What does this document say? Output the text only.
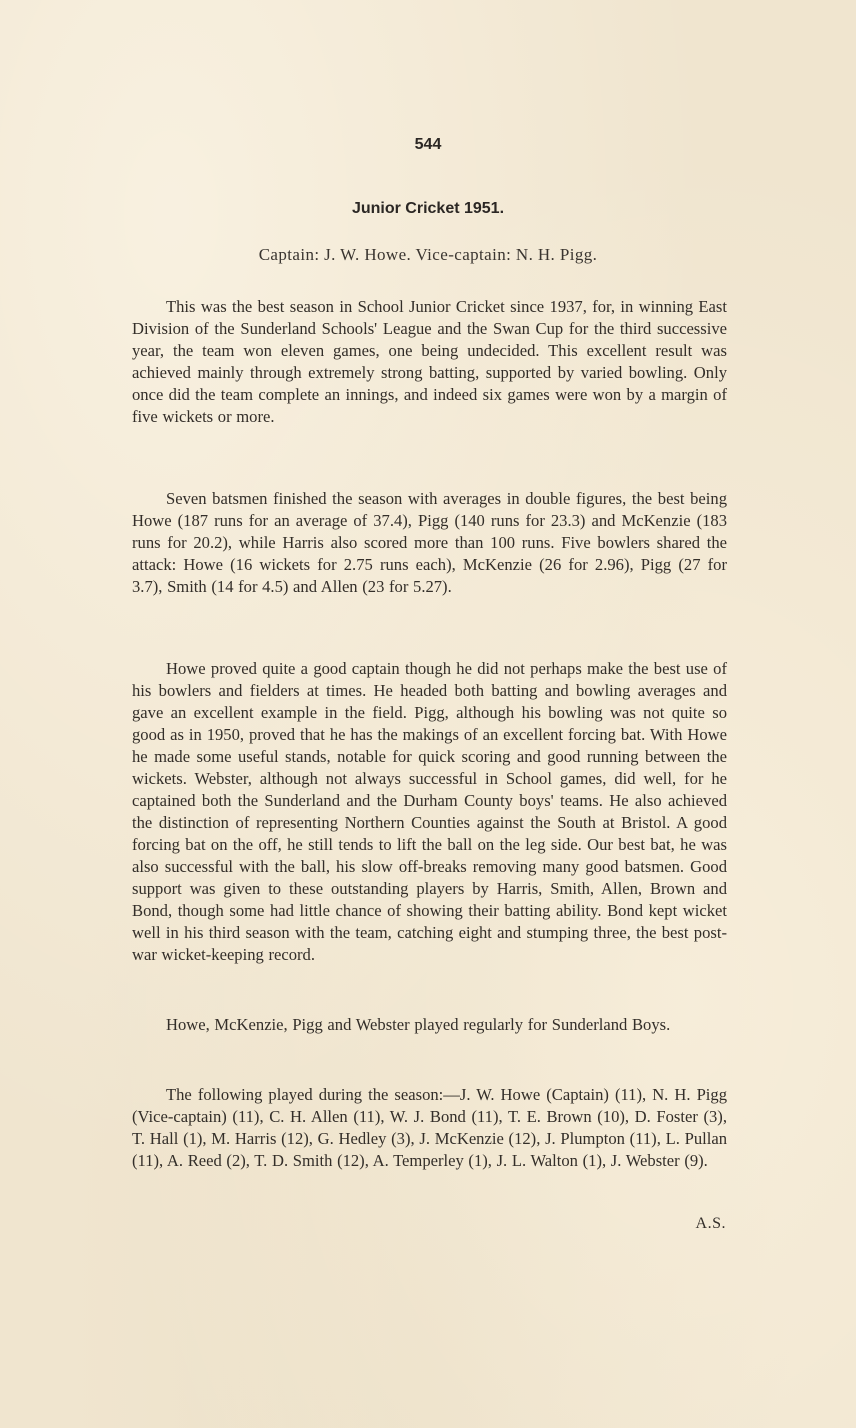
544
Junior Cricket 1951.
Captain: J. W. Howe. Vice-captain: N. H. Pigg.

This was the best season in School Junior Cricket since 1937, for, in winning East Division of the Sunderland Schools' League and the Swan Cup for the third successive year, the team won eleven games, one being undecided. This excellent result was achieved mainly through extremely strong batting, supported by varied bowling. Only once did the team complete an innings, and indeed six games were won by a margin of five wickets or more.

Seven batsmen finished the season with averages in double figures, the best being Howe (187 runs for an average of 37.4), Pigg (140 runs for 23.3) and McKenzie (183 runs for 20.2), while Harris also scored more than 100 runs. Five bowlers shared the attack: Howe (16 wickets for 2.75 runs each), McKenzie (26 for 2.96), Pigg (27 for 3.7), Smith (14 for 4.5) and Allen (23 for 5.27).

Howe proved quite a good captain though he did not perhaps make the best use of his bowlers and fielders at times. He headed both batting and bowling averages and gave an excellent example in the field. Pigg, although his bowling was not quite so good as in 1950, proved that he has the makings of an excellent forcing bat. With Howe he made some useful stands, notable for quick scoring and good running between the wickets. Webster, although not always successful in School games, did well, for he captained both the Sunderland and the Durham County boys' teams. He also achieved the distinction of representing Northern Counties against the South at Bristol. A good forcing bat on the off, he still tends to lift the ball on the leg side. Our best bat, he was also successful with the ball, his slow off-breaks removing many good batsmen. Good support was given to these outstanding players by Harris, Smith, Allen, Brown and Bond, though some had little chance of showing their batting ability. Bond kept wicket well in his third season with the team, catching eight and stumping three, the best post-war wicket-keeping record.

Howe, McKenzie, Pigg and Webster played regularly for Sunderland Boys.

The following played during the season:—J. W. Howe (Captain) (11), N. H. Pigg (Vice-captain) (11), C. H. Allen (11), W. J. Bond (11), T. E. Brown (10), D. Foster (3), T. Hall (1), M. Harris (12), G. Hedley (3), J. McKenzie (12), J. Plumpton (11), L. Pullan (11), A. Reed (2), T. D. Smith (12), A. Temperley (1), J. L. Walton (1), J. Webster (9).

A.S.
